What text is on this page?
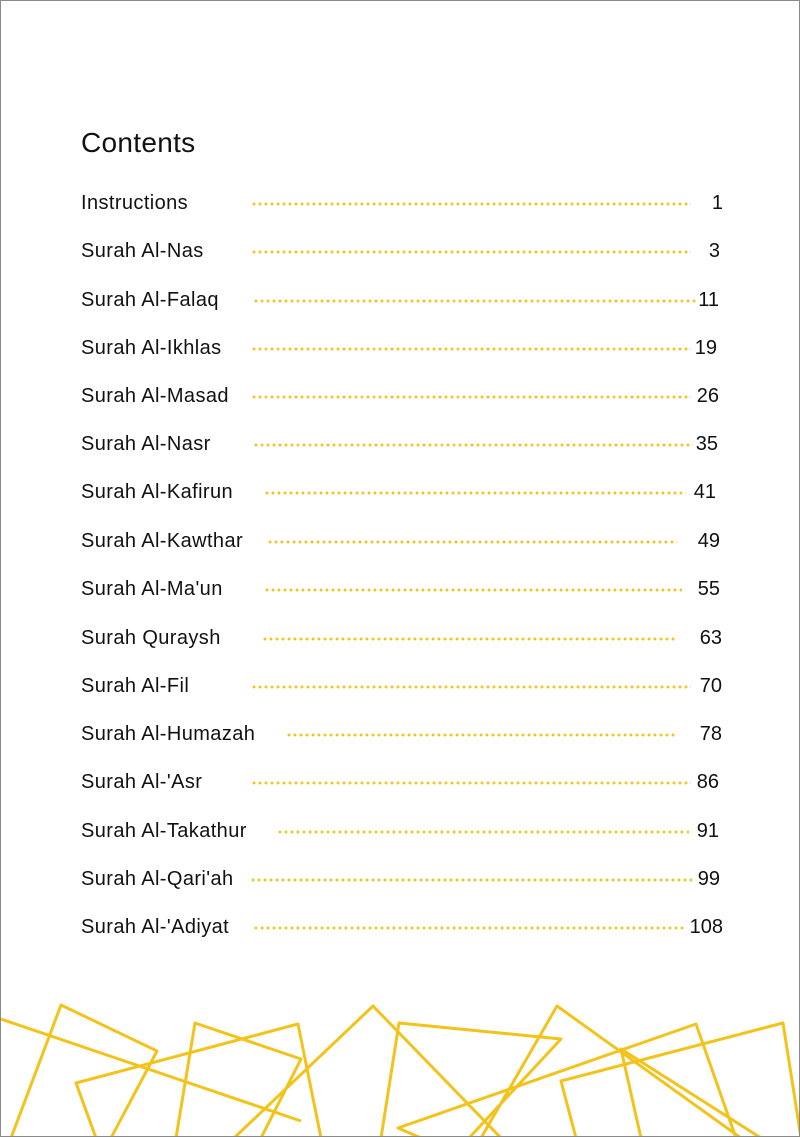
Contents
Instructions	1
Surah Al-Nas	3
Surah Al-Falaq	11
Surah Al-Ikhlas	19
Surah Al-Masad	26
Surah Al-Nasr	35
Surah Al-Kafirun	41
Surah Al-Kawthar	49
Surah Al-Ma'un	55
Surah Quraysh	63
Surah Al-Fil	70
Surah Al-Humazah	78
Surah Al-'Asr	86
Surah Al-Takathur	91
Surah Al-Qari'ah	99
Surah Al-'Adiyat	108
